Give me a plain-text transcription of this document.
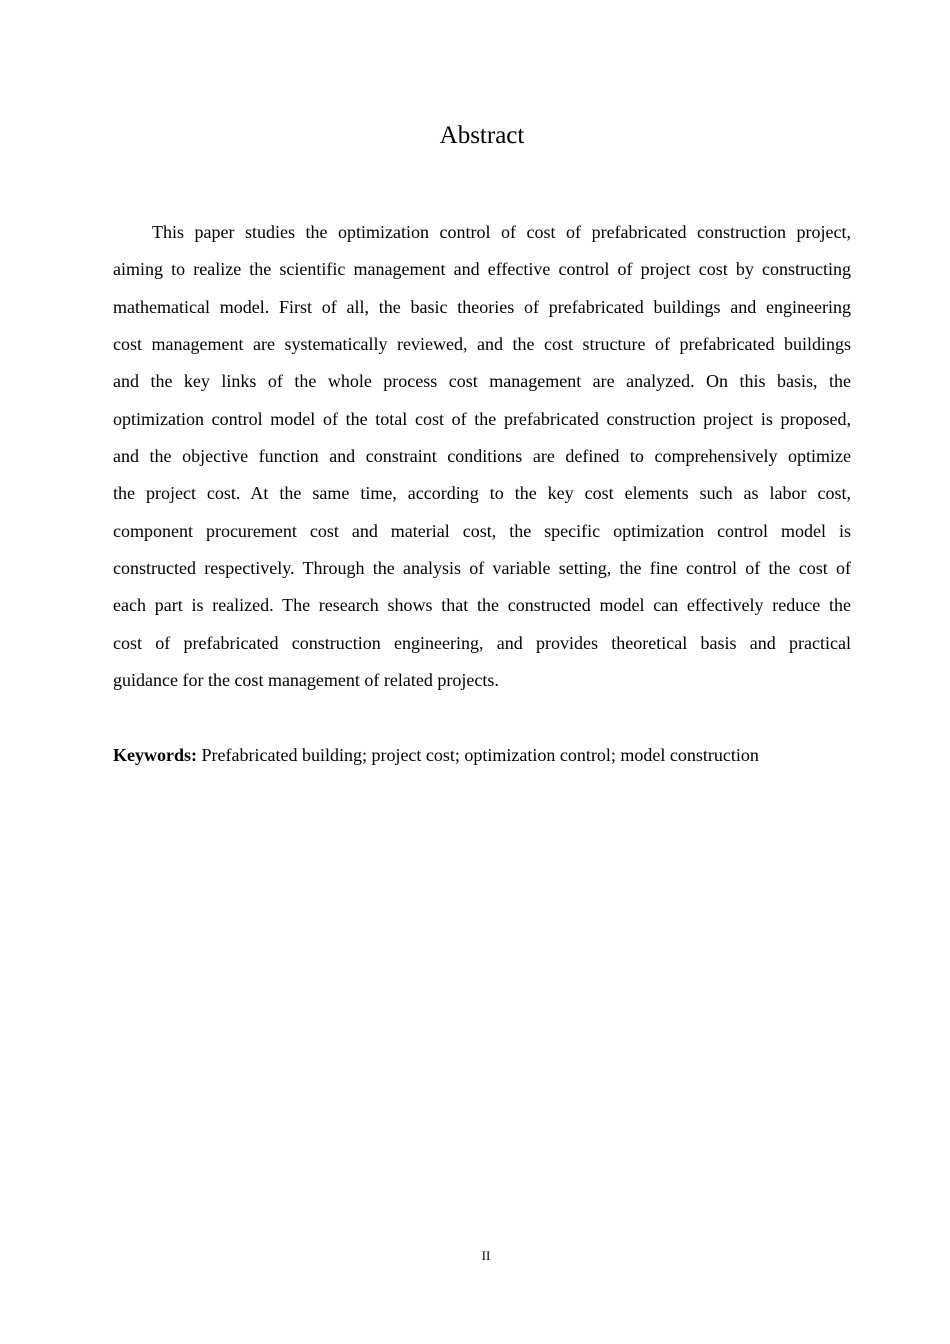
Abstract
This paper studies the optimization control of cost of prefabricated construction project,
aiming to realize the scientific management and effective control of project cost by constructing
mathematical model. First of all, the basic theories of prefabricated buildings and engineering
cost management are systematically reviewed, and the cost structure of prefabricated buildings
and the key links of the whole process cost management are analyzed. On this basis, the
optimization control model of the total cost of the prefabricated construction project is proposed,
and the objective function and constraint conditions are defined to comprehensively optimize
the project cost. At the same time, according to the key cost elements such as labor cost,
component procurement cost and material cost, the specific optimization control model is
constructed respectively. Through the analysis of variable setting, the fine control of the cost of
each part is realized. The research shows that the constructed model can effectively reduce the
cost of prefabricated construction engineering, and provides theoretical basis and practical
guidance for the cost management of related projects.
Keywords: Prefabricated building; project cost; optimization control; model construction
II
